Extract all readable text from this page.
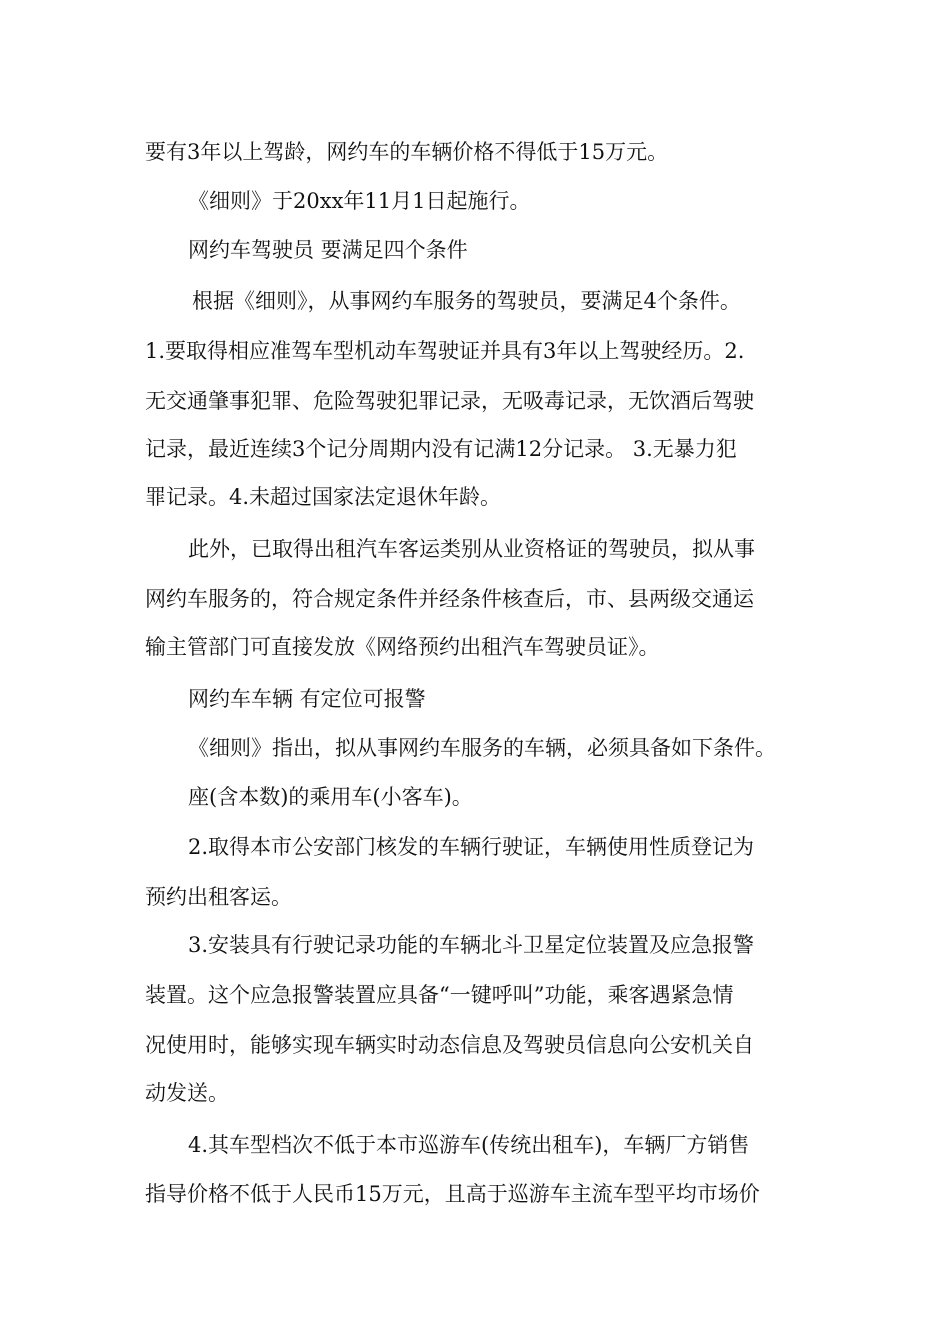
要有3年以上驾龄，网约车的车辆价格不得低于15万元。
《细则》于20xx年11月1日起施行。
网约车驾驶员 要满足四个条件
根据《细则》，从事网约车服务的驾驶员，要满足4个条件。
1.要取得相应准驾车型机动车驾驶证并具有3年以上驾驶经历。2.
无交通肇事犯罪、危险驾驶犯罪记录，无吸毒记录，无饮酒后驾驶
记录，最近连续3个记分周期内没有记满12分记录。 3.无暴力犯
罪记录。4.未超过国家法定退休年龄。
此外，已取得出租汽车客运类别从业资格证的驾驶员，拟从事
网约车服务的，符合规定条件并经条件核查后，市、县两级交通运
输主管部门可直接发放《网络预约出租汽车驾驶员证》。
网约车车辆 有定位可报警
《细则》指出，拟从事网约车服务的车辆，必须具备如下条件。
座(含本数)的乘用车(小客车)。
2.取得本市公安部门核发的车辆行驶证，车辆使用性质登记为
预约出租客运。
3.安装具有行驶记录功能的车辆北斗卫星定位装置及应急报警
装置。这个应急报警装置应具备“一键呼叫”功能，乘客遇紧急情
况使用时，能够实现车辆实时动态信息及驾驶员信息向公安机关自
动发送。
4.其车型档次不低于本市巡游车(传统出租车)，车辆厂方销售
指导价格不低于人民币15万元，且高于巡游车主流车型平均市场价
